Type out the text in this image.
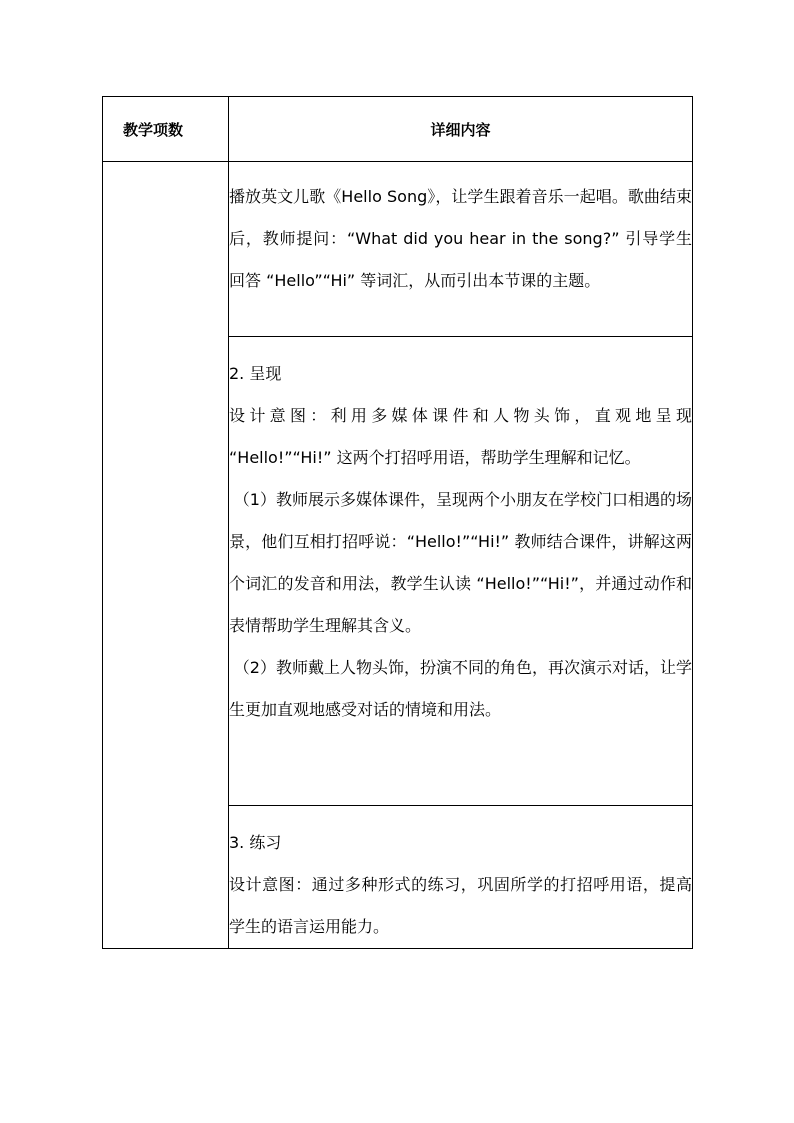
教学项数	详细内容

	播放英文儿歌《Hello Song》，让学生跟着音乐一起唱。歌曲结束后，教师提问：“What did you hear in the song?” 引导学生回答 “Hello”“Hi” 等词汇，从而引出本节课的主题。

	2. 呈现

设计意图：利用多媒体课件和人物头饰，直观地呈现 “Hello!”“Hi!” 这两个打招呼用语，帮助学生理解和记忆。

（1）教师展示多媒体课件，呈现两个小朋友在学校门口相遇的场景，他们互相打招呼说：“Hello!”“Hi!” 教师结合课件，讲解这两个词汇的发音和用法，教学生认读 “Hello!”“Hi!”，并通过动作和表情帮助学生理解其含义。

（2）教师戴上人物头饰，扮演不同的角色，再次演示对话，让学生更加直观地感受对话的情境和用法。

	3. 练习

设计意图：通过多种形式的练习，巩固所学的打招呼用语，提高学生的语言运用能力。
